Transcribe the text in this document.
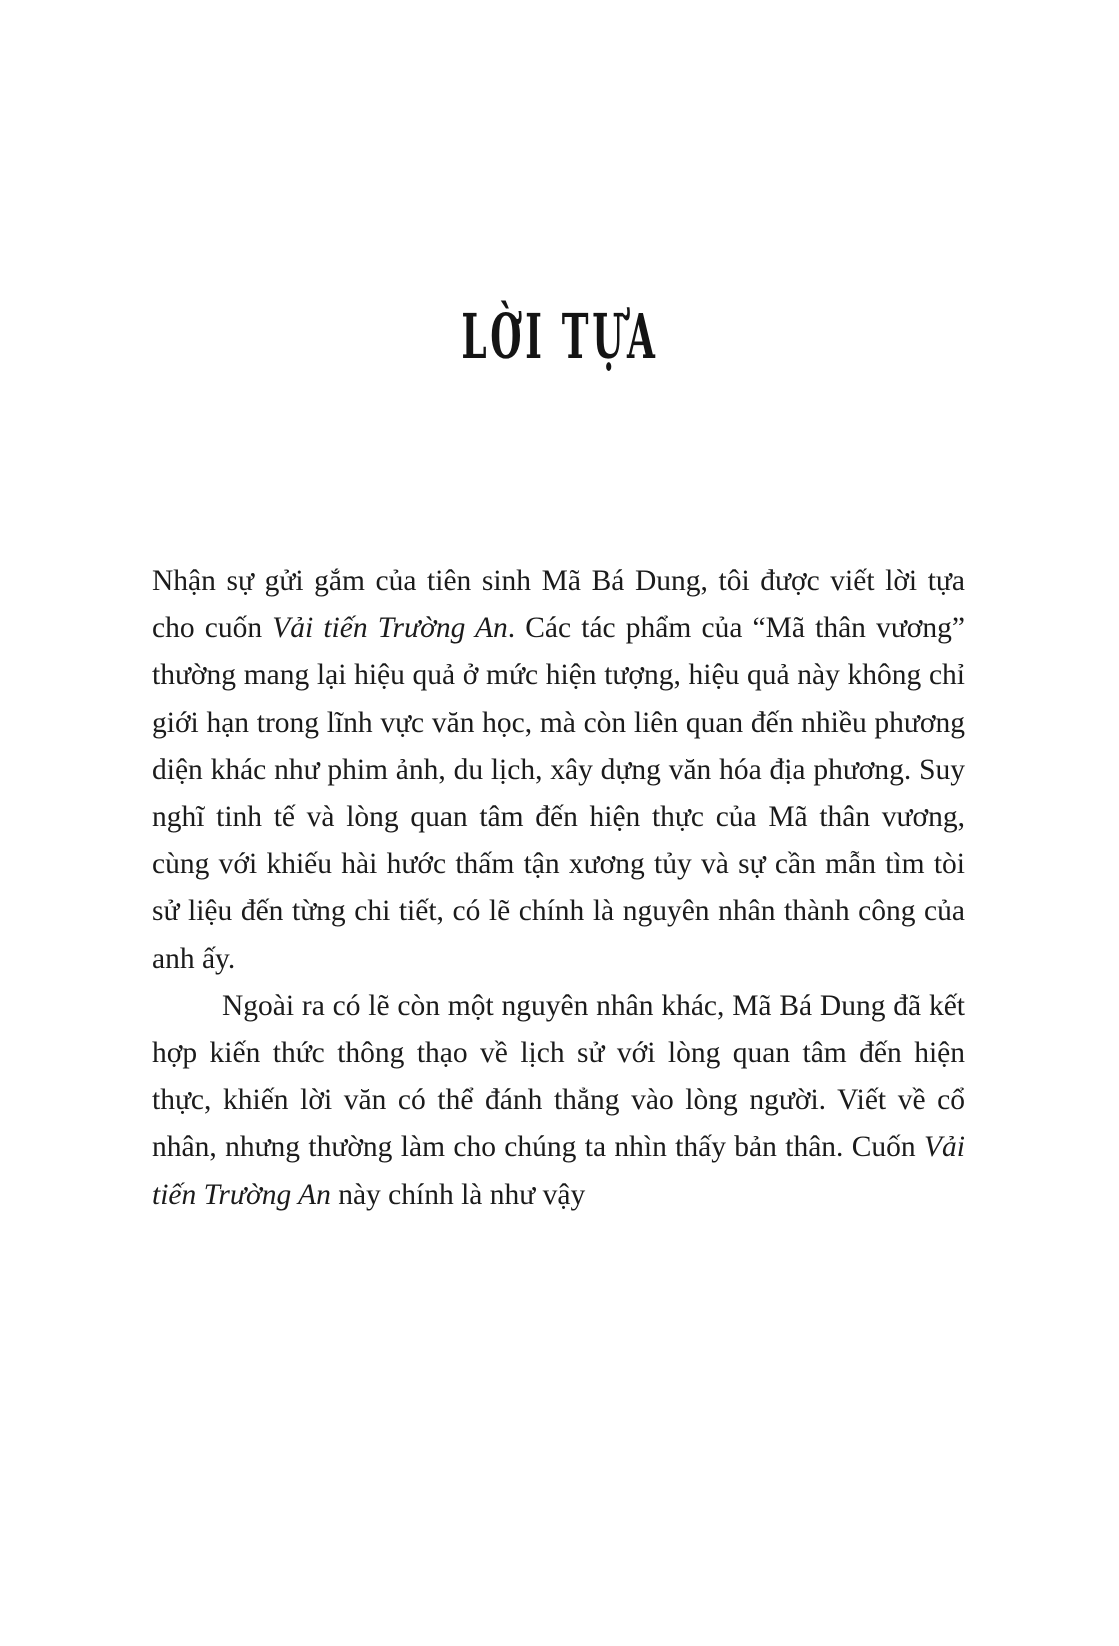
LỜI TỰA

Nhận sự gửi gắm của tiên sinh Mã Bá Dung, tôi được viết lời tựa cho cuốn Vải tiến Trường An. Các tác phẩm của “Mã thân vương” thường mang lại hiệu quả ở mức hiện tượng, hiệu quả này không chỉ giới hạn trong lĩnh vực văn học, mà còn liên quan đến nhiều phương diện khác như phim ảnh, du lịch, xây dựng văn hóa địa phương. Suy nghĩ tinh tế và lòng quan tâm đến hiện thực của Mã thân vương, cùng với khiếu hài hước thấm tận xương tủy và sự cần mẫn tìm tòi sử liệu đến từng chi tiết, có lẽ chính là nguyên nhân thành công của anh ấy.

Ngoài ra có lẽ còn một nguyên nhân khác, Mã Bá Dung đã kết hợp kiến thức thông thạo về lịch sử với lòng quan tâm đến hiện thực, khiến lời văn có thể đánh thẳng vào lòng người. Viết về cổ nhân, nhưng thường làm cho chúng ta nhìn thấy bản thân. Cuốn Vải tiến Trường An này chính là như vậy
